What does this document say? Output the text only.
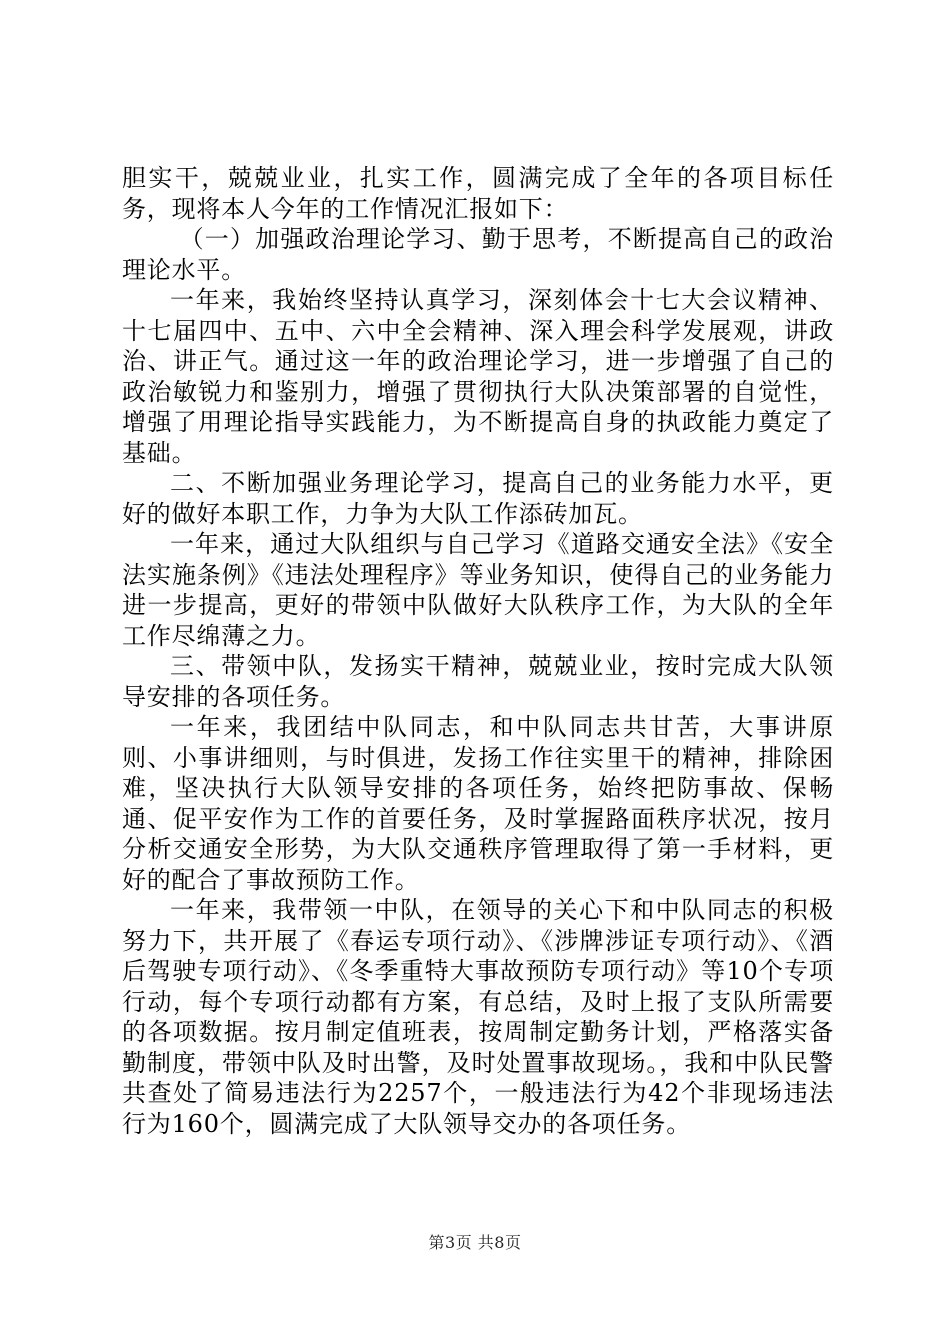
胆实干，兢兢业业，扎实工作，圆满完成了全年的各项目标任务，现将本人今年的工作情况汇报如下：

（一）加强政治理论学习、勤于思考，不断提高自己的政治理论水平。

一年来，我始终坚持认真学习，深刻体会十七大会议精神、十七届四中、五中、六中全会精神、深入理会科学发展观，讲政治、讲正气。通过这一年的政治理论学习，进一步增强了自己的政治敏锐力和鉴别力，增强了贯彻执行大队决策部署的自觉性，增强了用理论指导实践能力，为不断提高自身的执政能力奠定了基础。

二、不断加强业务理论学习，提高自己的业务能力水平，更好的做好本职工作，力争为大队工作添砖加瓦。

一年来，通过大队组织与自己学习《道路交通安全法》《安全法实施条例》《违法处理程序》等业务知识，使得自己的业务能力进一步提高，更好的带领中队做好大队秩序工作，为大队的全年工作尽绵薄之力。

三、带领中队，发扬实干精神，兢兢业业，按时完成大队领导安排的各项任务。

一年来，我团结中队同志，和中队同志共甘苦，大事讲原则、小事讲细则，与时俱进，发扬工作往实里干的精神，排除困难，坚决执行大队领导安排的各项任务，始终把防事故、保畅通、促平安作为工作的首要任务，及时掌握路面秩序状况，按月分析交通安全形势，为大队交通秩序管理取得了第一手材料，更好的配合了事故预防工作。

一年来，我带领一中队，在领导的关心下和中队同志的积极努力下，共开展了《春运专项行动》、《涉牌涉证专项行动》、《酒后驾驶专项行动》、《冬季重特大事故预防专项行动》等10个专项行动，每个专项行动都有方案，有总结，及时上报了支队所需要的各项数据。按月制定值班表，按周制定勤务计划，严格落实备勤制度，带领中队及时出警，及时处置事故现场。，我和中队民警共查处了简易违法行为2257个，一般违法行为42个非现场违法行为160个，圆满完成了大队领导交办的各项任务。

第3页 共8页
